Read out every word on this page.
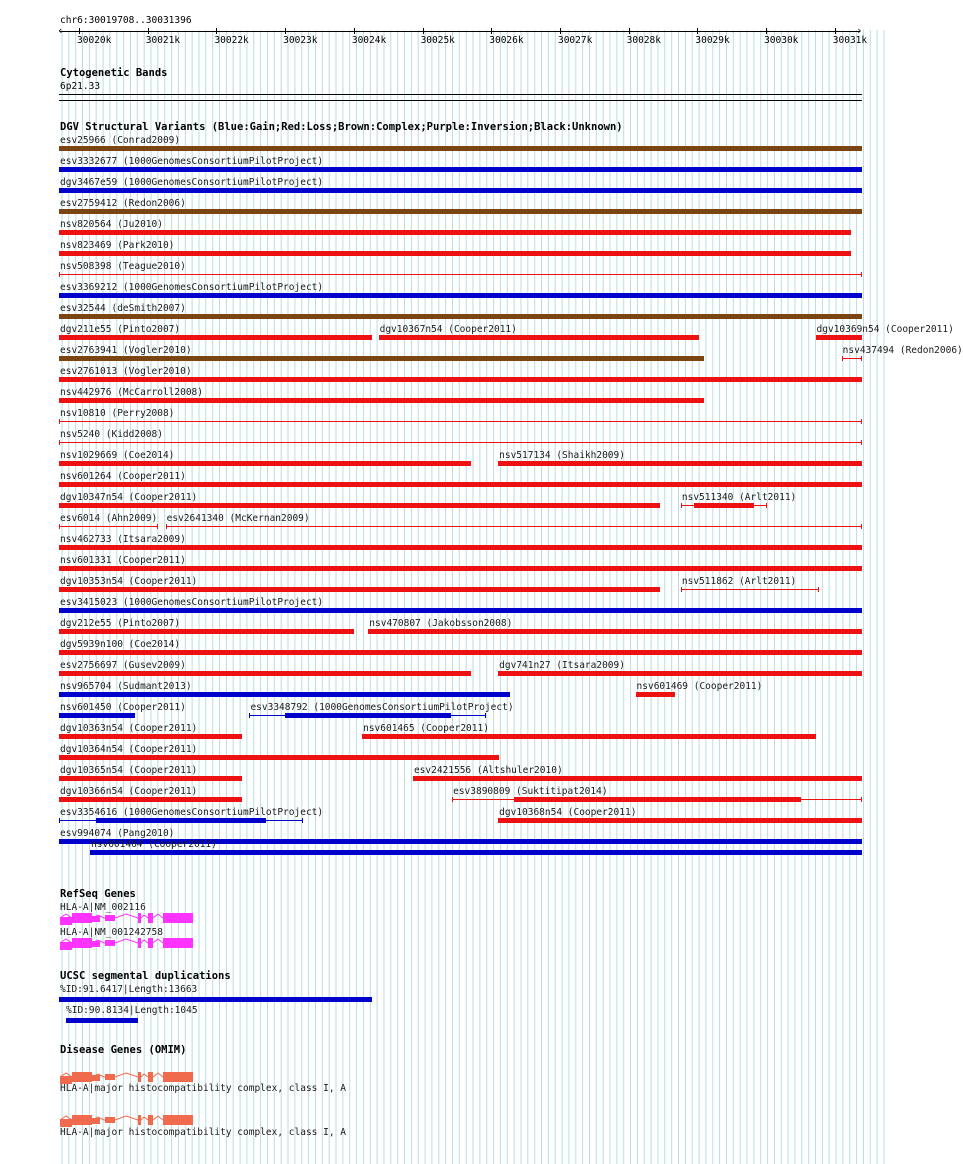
chr6:30019708..30031396
‹	›
30020k	30021k	30022k	30023k	30024k	30025k	30026k	30027k	30028k	30029k	30030k	30031k
Cytogenetic Bands
6p21.33
DGV Structural Variants (Blue:Gain;Red:Loss;Brown:Complex;Purple:Inversion;Black:Unknown)
esv25966 (Conrad2009)
esv3332677 (1000GenomesConsortiumPilotProject)
dgv3467e59 (1000GenomesConsortiumPilotProject)
esv2759412 (Redon2006)
nsv820564 (Ju2010)
nsv823469 (Park2010)
nsv508398 (Teague2010)
esv3369212 (1000GenomesConsortiumPilotProject)
esv32544 (deSmith2007)
dgv211e55 (Pinto2007)
esv2763941 (Vogler2010)
esv2761013 (Vogler2010)
nsv442976 (McCarroll2008)
nsv10810 (Perry2008)
nsv5240 (Kidd2008)
nsv1029669 (Coe2014)
nsv601264 (Cooper2011)
dgv10347n54 (Cooper2011)
esv6014 (Ahn2009)
nsv462733 (Itsara2009)
nsv601331 (Cooper2011)
dgv10353n54 (Cooper2011)
esv3415023 (1000GenomesConsortiumPilotProject)
dgv212e55 (Pinto2007)
dgv5939n100 (Coe2014)
esv2756697 (Gusev2009)
nsv965704 (Sudmant2013)
nsv601450 (Cooper2011)
dgv10363n54 (Cooper2011)
dgv10364n54 (Cooper2011)
dgv10365n54 (Cooper2011)
dgv10366n54 (Cooper2011)
esv3354616 (1000GenomesConsortiumPilotProject)
esv994074 (Pang2010)
dgv10367n54 (Cooper2011)	dgv10369n54 (Cooper2011)
nsv437494 (Redon2006)
nsv517134 (Shaikh2009)
nsv511340 (Arlt2011)
esv2641340 (McKernan2009)
nsv511862 (Arlt2011)
nsv470807 (Jakobsson2008)
dgv741n27 (Itsara2009)
nsv601469 (Cooper2011)
esv3348792 (1000GenomesConsortiumPilotProject)
nsv601465 (Cooper2011)
esv2421556 (Altshuler2010)
esv3890809 (Suktitipat2014)
dgv10368n54 (Cooper2011)
nsv601464 (Cooper2011)
RefSeq Genes
HLA-A|NM_002116
HLA-A|NM_001242758
UCSC segmental duplications
%ID:91.6417|Length:13663
%ID:90.8134|Length:1045
Disease Genes (OMIM)
HLA-A|major histocompatibility complex, class I, A
HLA-A|major histocompatibility complex, class I, A
